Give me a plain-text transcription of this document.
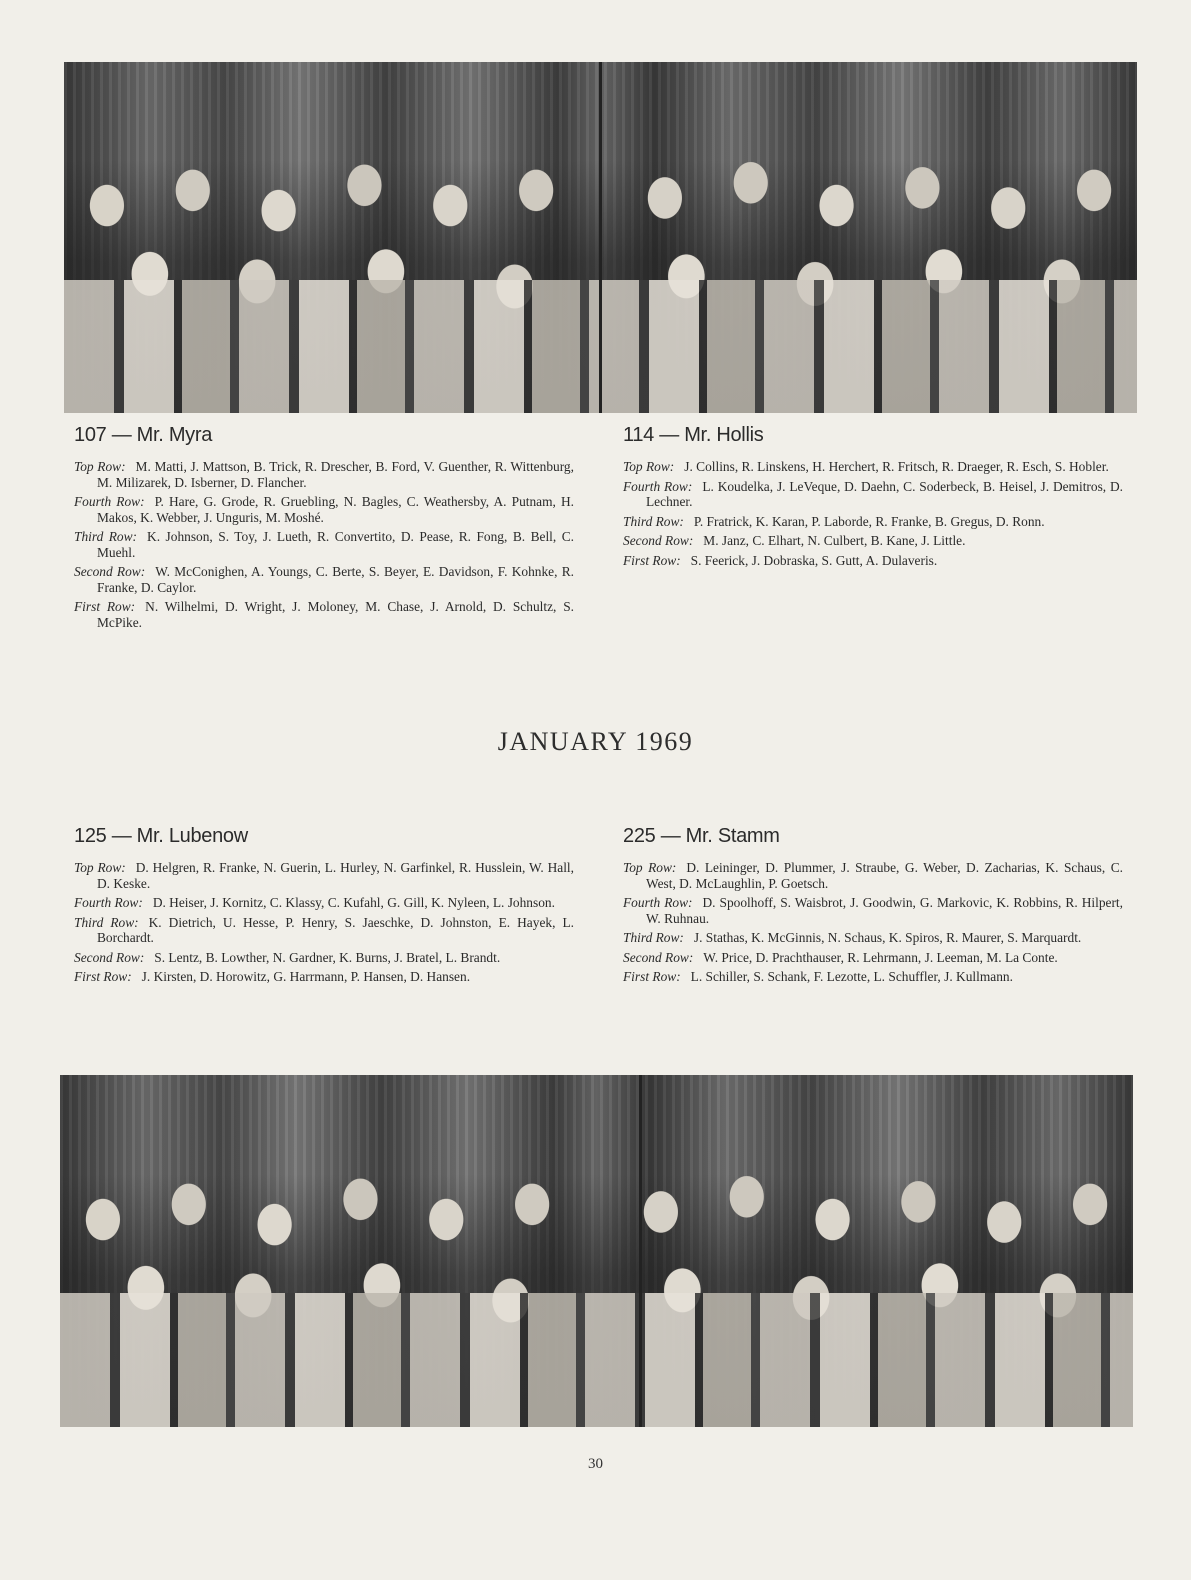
107 — Mr. Myra

Top Row: M. Matti, J. Mattson, B. Trick, R. Drescher, B. Ford, V. Guenther, R. Wittenburg, M. Milizarek, D. Isberner, D. Flancher.

Fourth Row: P. Hare, G. Grode, R. Gruebling, N. Bagles, C. Weathersby, A. Putnam, H. Makos, K. Webber, J. Unguris, M. Moshé.

Third Row: K. Johnson, S. Toy, J. Lueth, R. Convertito, D. Pease, R. Fong, B. Bell, C. Muehl.

Second Row: W. McConighen, A. Youngs, C. Berte, S. Beyer, E. Davidson, F. Kohnke, R. Franke, D. Caylor.

First Row: N. Wilhelmi, D. Wright, J. Moloney, M. Chase, J. Arnold, D. Schultz, S. McPike.

114 — Mr. Hollis

Top Row: J. Collins, R. Linskens, H. Herchert, R. Fritsch, R. Draeger, R. Esch, S. Hobler.

Fourth Row: L. Koudelka, J. LeVeque, D. Daehn, C. Soderbeck, B. Heisel, J. Demitros, D. Lechner.

Third Row: P. Fratrick, K. Karan, P. Laborde, R. Franke, B. Gregus, D. Ronn.

Second Row: M. Janz, C. Elhart, N. Culbert, B. Kane, J. Little.

First Row: S. Feerick, J. Dobraska, S. Gutt, A. Dulaveris.

JANUARY 1969
125 — Mr. Lubenow

Top Row: D. Helgren, R. Franke, N. Guerin, L. Hurley, N. Garfinkel, R. Husslein, W. Hall, D. Keske.

Fourth Row: D. Heiser, J. Kornitz, C. Klassy, C. Kufahl, G. Gill, K. Nyleen, L. Johnson.

Third Row: K. Dietrich, U. Hesse, P. Henry, S. Jaeschke, D. Johnston, E. Hayek, L. Borchardt.

Second Row: S. Lentz, B. Lowther, N. Gardner, K. Burns, J. Bratel, L. Brandt.

First Row: J. Kirsten, D. Horowitz, G. Harrmann, P. Hansen, D. Hansen.

225 — Mr. Stamm

Top Row: D. Leininger, D. Plummer, J. Straube, G. Weber, D. Zacharias, K. Schaus, C. West, D. McLaughlin, P. Goetsch.

Fourth Row: D. Spoolhoff, S. Waisbrot, J. Goodwin, G. Markovic, K. Robbins, R. Hilpert, W. Ruhnau.

Third Row: J. Stathas, K. McGinnis, N. Schaus, K. Spiros, R. Maurer, S. Marquardt.

Second Row: W. Price, D. Prachthauser, R. Lehrmann, J. Leeman, M. La Conte.

First Row: L. Schiller, S. Schank, F. Lezotte, L. Schuffler, J. Kullmann.

30
